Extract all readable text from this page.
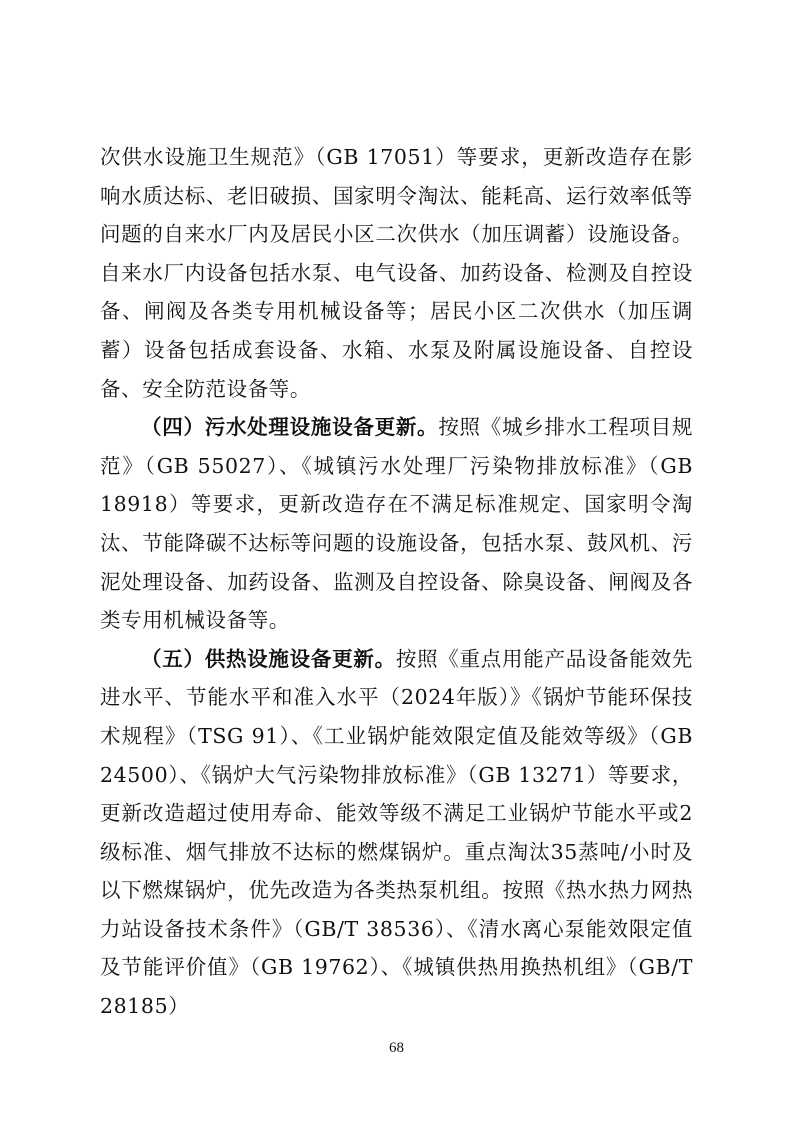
次供水设施卫生规范》（GB 17051）等要求，更新改造存在影响水质达标、老旧破损、国家明令淘汰、能耗高、运行效率低等问题的自来水厂内及居民小区二次供水（加压调蓄）设施设备。自来水厂内设备包括水泵、电气设备、加药设备、检测及自控设备、闸阀及各类专用机械设备等；居民小区二次供水（加压调蓄）设备包括成套设备、水箱、水泵及附属设施设备、自控设备、安全防范设备等。

（四）污水处理设施设备更新。按照《城乡排水工程项目规范》（GB 55027）、《城镇污水处理厂污染物排放标准》（GB 18918）等要求，更新改造存在不满足标准规定、国家明令淘汰、节能降碳不达标等问题的设施设备，包括水泵、鼓风机、污泥处理设备、加药设备、监测及自控设备、除臭设备、闸阀及各类专用机械设备等。

（五）供热设施设备更新。按照《重点用能产品设备能效先进水平、节能水平和准入水平（2024年版）》《锅炉节能环保技术规程》（TSG 91）、《工业锅炉能效限定值及能效等级》（GB 24500）、《锅炉大气污染物排放标准》（GB 13271）等要求，更新改造超过使用寿命、能效等级不满足工业锅炉节能水平或2级标准、烟气排放不达标的燃煤锅炉。重点淘汰35蒸吨/小时及以下燃煤锅炉，优先改造为各类热泵机组。按照《热水热力网热力站设备技术条件》（GB/T 38536）、《清水离心泵能效限定值及节能评价值》（GB 19762）、《城镇供热用换热机组》（GB/T 28185）

68
